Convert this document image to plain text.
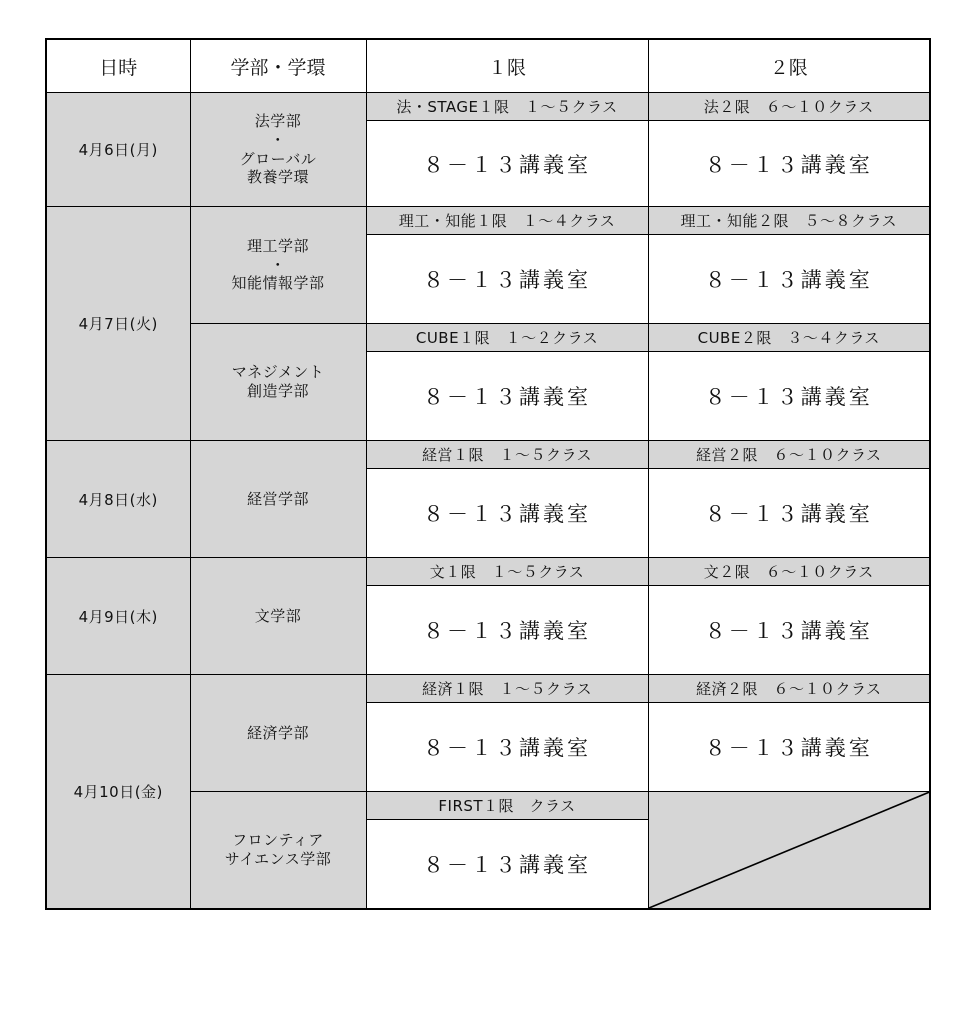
日時	学部・学環	１限	２限
4月6日(月)	法学部
・
グローバル
教養学環	法・STAGE１限　１～５クラス	法２限　６～１０クラス
		８－１３講義室	８－１３講義室
4月7日(火)	理工学部
・
知能情報学部	理工・知能１限　１～４クラス	理工・知能２限　５～８クラス
		８－１３講義室	８－１３講義室

	マネジメント
創造学部	CUBE１限　１～２クラス	CUBE２限　３～４クラス
		８－１３講義室	８－１３講義室
4月8日(水)	経営学部	経営１限　１～５クラス	経営２限　６～１０クラス
		８－１３講義室	８－１３講義室
4月9日(木)	文学部	文１限　１～５クラス	文２限　６～１０クラス
		８－１３講義室	８－１３講義室
4月10日(金)	経済学部	経済１限　１～５クラス	経済２限　６～１０クラス
		８－１３講義室	８－１３講義室

	フロンティア
サイエンス学部	FIRST１限　クラス	

		８－１３講義室	
